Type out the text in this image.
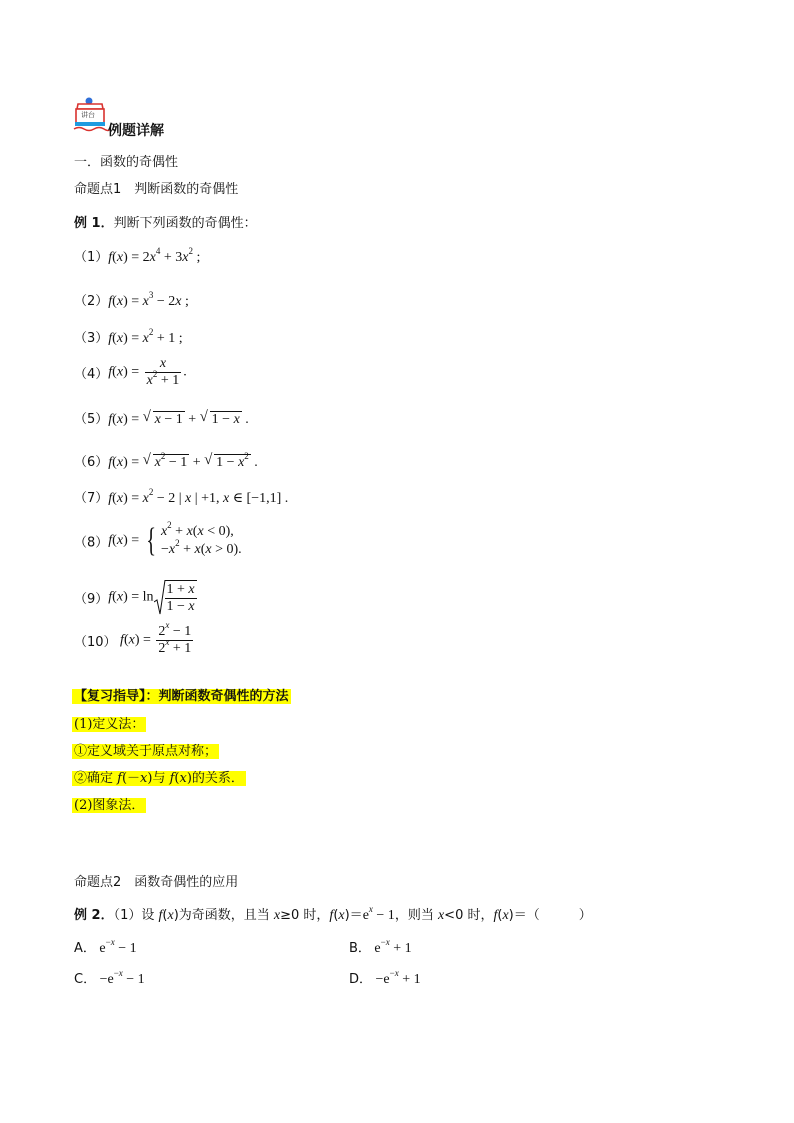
讲台
例题详解
一．函数的奇偶性
命题点1　判断函数的奇偶性
例 1．判断下列函数的奇偶性：
$(1)f(x) = 2x^4 + 3x^2$ ;
$(2)f(x) = x^3 - 2x$ ;
$(3)f(x) = x^2 + 1$ ;
$(4)f(x) = \frac{x}{x^2 + 1}$ .
（5）f(x) = √ x − 1 + √ 1 − x .
（6）f(x) = √ $x^2 - 1$ + √ $1 - x^2$ .
$(7)f(x) = x^2 - 2$ | x | +1, x ∈ [−1,1] .
（8）f(x) = { $x^2 + x(x < 0)$,
$-x^2 + x(x > 0)$.
$(9)f(x) = \ln \frac{1 + x}{1 - x}$
（10） $f(x) = \frac{2^x - 1}{2^x + 1}$
【复习指导】：判断函数奇偶性的方法
(1)定义法：
①定义域关于原点对称；
②确定 f(－x)与 f(x)的关系．
(2)图象法．
命题点2　函数奇偶性的应用
例 2．（1）设 f(x)为奇函数，且当 x≥0 时，$f(x)=e^x - 1$，则当 x<0 时，f(x)＝（　　　）
A． $e^{-x} - 1$	B． $e^{-x} + 1$
C． $-e^{-x} - 1$	D． $-e^{-x} + 1$
